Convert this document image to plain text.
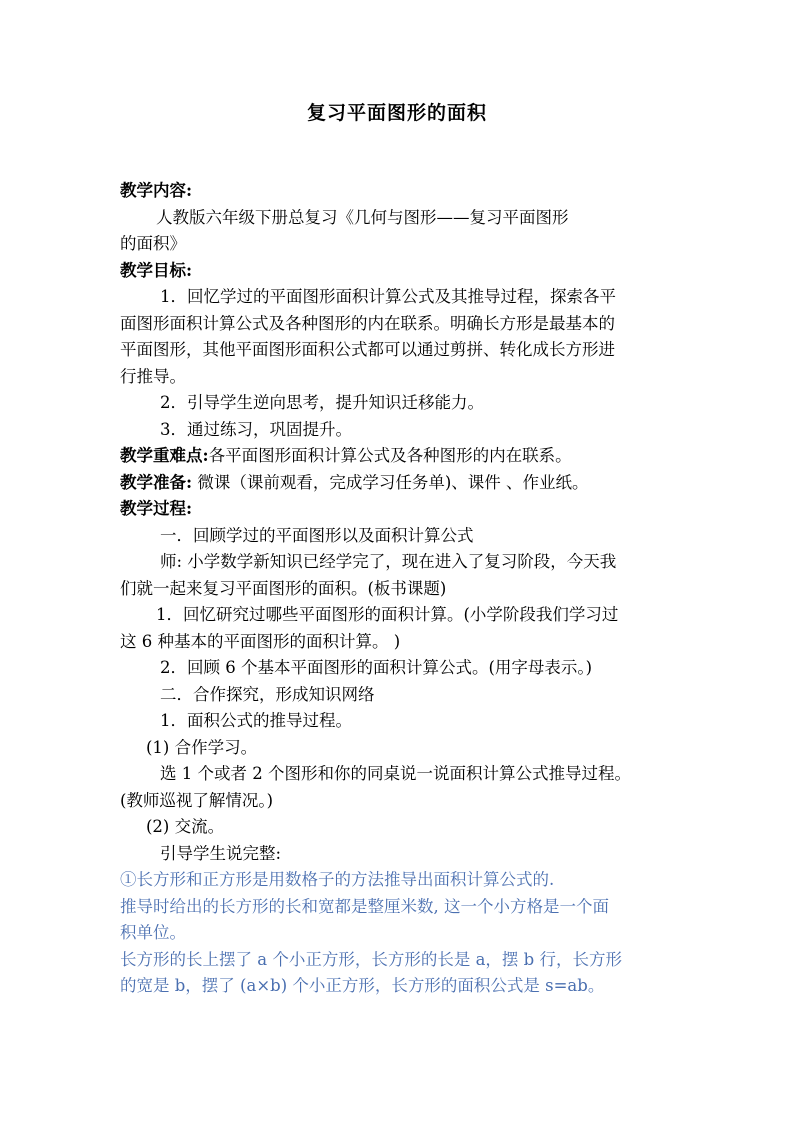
复习平面图形的面积
教学内容:
人教版六年级下册总复习《几何与图形——复习平面图形
的面积》
教学目标:
1．回忆学过的平面图形面积计算公式及其推导过程，探索各平
面图形面积计算公式及各种图形的内在联系。明确长方形是最基本的
平面图形，其他平面图形面积公式都可以通过剪拼、转化成长方形进
行推导。
2．引导学生逆向思考，提升知识迁移能力。
3．通过练习，巩固提升。
教学重难点:各平面图形面积计算公式及各种图形的内在联系。
教学准备: 微课（课前观看，完成学习任务单)、课件 、作业纸。
教学过程:
一．回顾学过的平面图形以及面积计算公式
师: 小学数学新知识已经学完了，现在进入了复习阶段，今天我
们就一起来复习平面图形的面积。(板书课题)
1．回忆研究过哪些平面图形的面积计算。(小学阶段我们学习过
这 6 种基本的平面图形的面积计算。 )
2．回顾 6 个基本平面图形的面积计算公式。(用字母表示。)
二．合作探究，形成知识网络
1．面积公式的推导过程。
(1) 合作学习。
选 1 个或者 2 个图形和你的同桌说一说面积计算公式推导过程。
(教师巡视了解情况。)
(2) 交流。
引导学生说完整:
①长方形和正方形是用数格子的方法推导出面积计算公式的.
推导时给出的长方形的长和宽都是整厘米数, 这一个小方格是一个面
积单位。
长方形的长上摆了 a 个小正方形，长方形的长是 a，摆 b 行，长方形
的宽是 b，摆了 (a×b) 个小正方形，长方形的面积公式是 s=ab。
